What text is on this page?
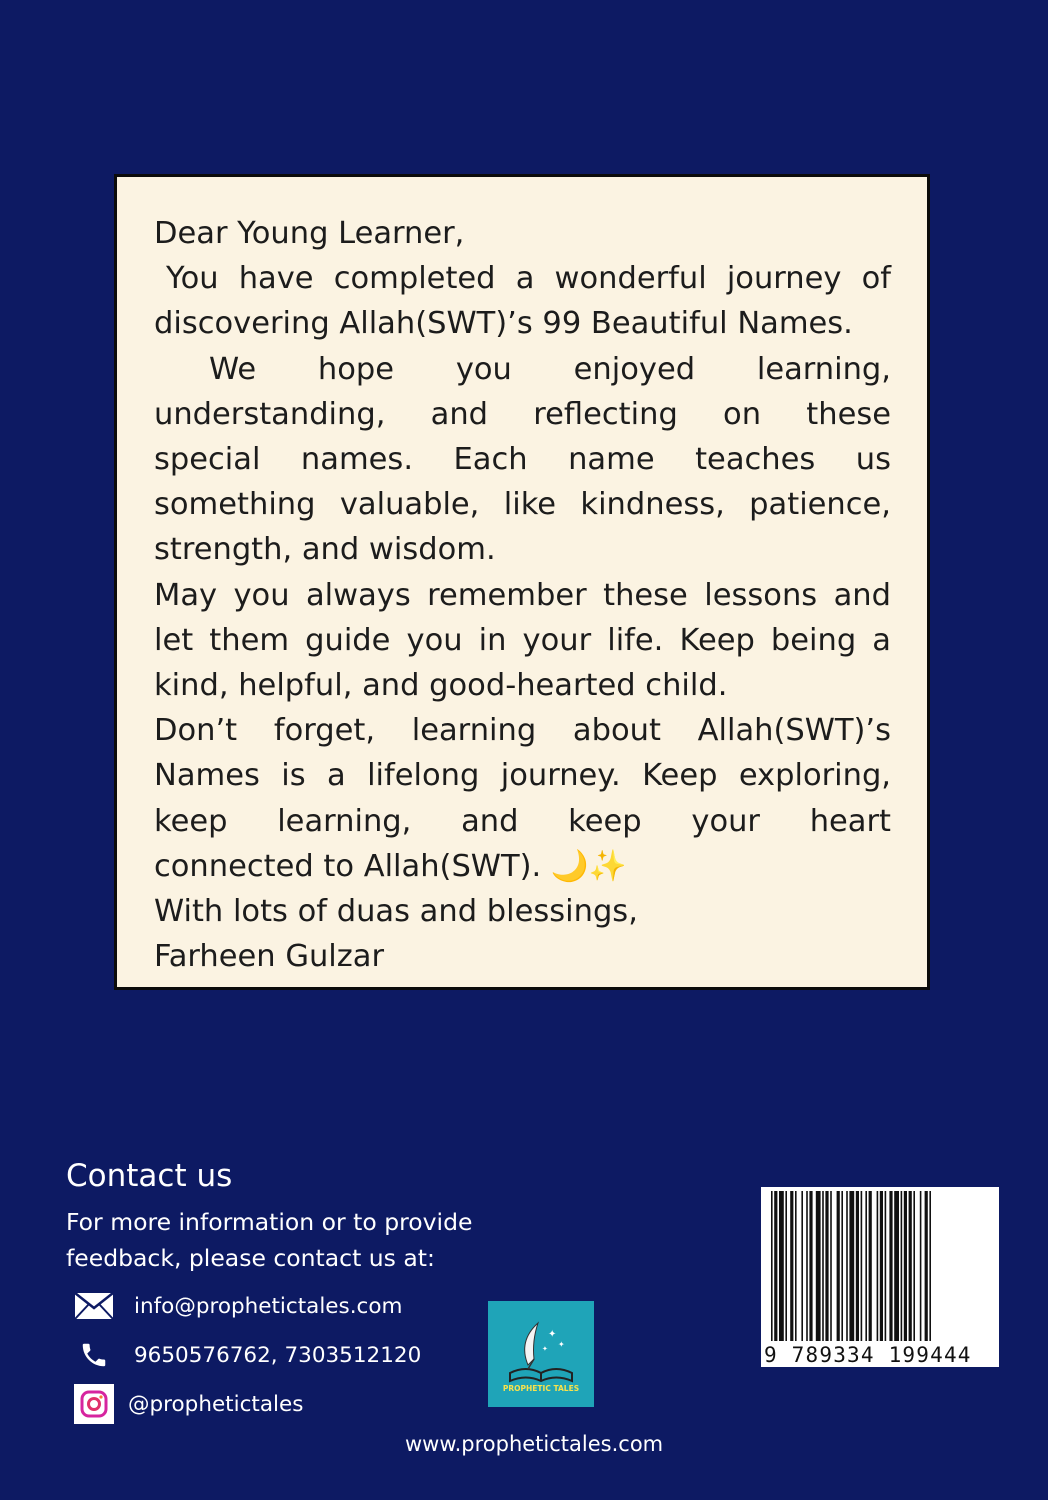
Dear Young Learner,

You have completed a wonderful journey of

discovering Allah(SWT)’s 99 Beautiful Names.

We hope you enjoyed learning,

understanding, and reflecting on these

special names. Each name teaches us

something valuable, like kindness, patience,

strength, and wisdom.

May you always remember these lessons and

let them guide you in your life. Keep being a

kind, helpful, and good-hearted child.

Don’t forget, learning about Allah(SWT)’s

Names is a lifelong journey. Keep exploring,

keep learning, and keep your heart

connected to Allah(SWT). 🌙✨

With lots of duas and blessings,

Farheen Gulzar

Contact us
For more information or to provide feedback, please contact us at:
info@prophetictales.com
9650576762, 7303512120
@prophetictales
✦
✦
✦
PROPHETIC TALES
www.prophetictales.com
9 789334 199444
